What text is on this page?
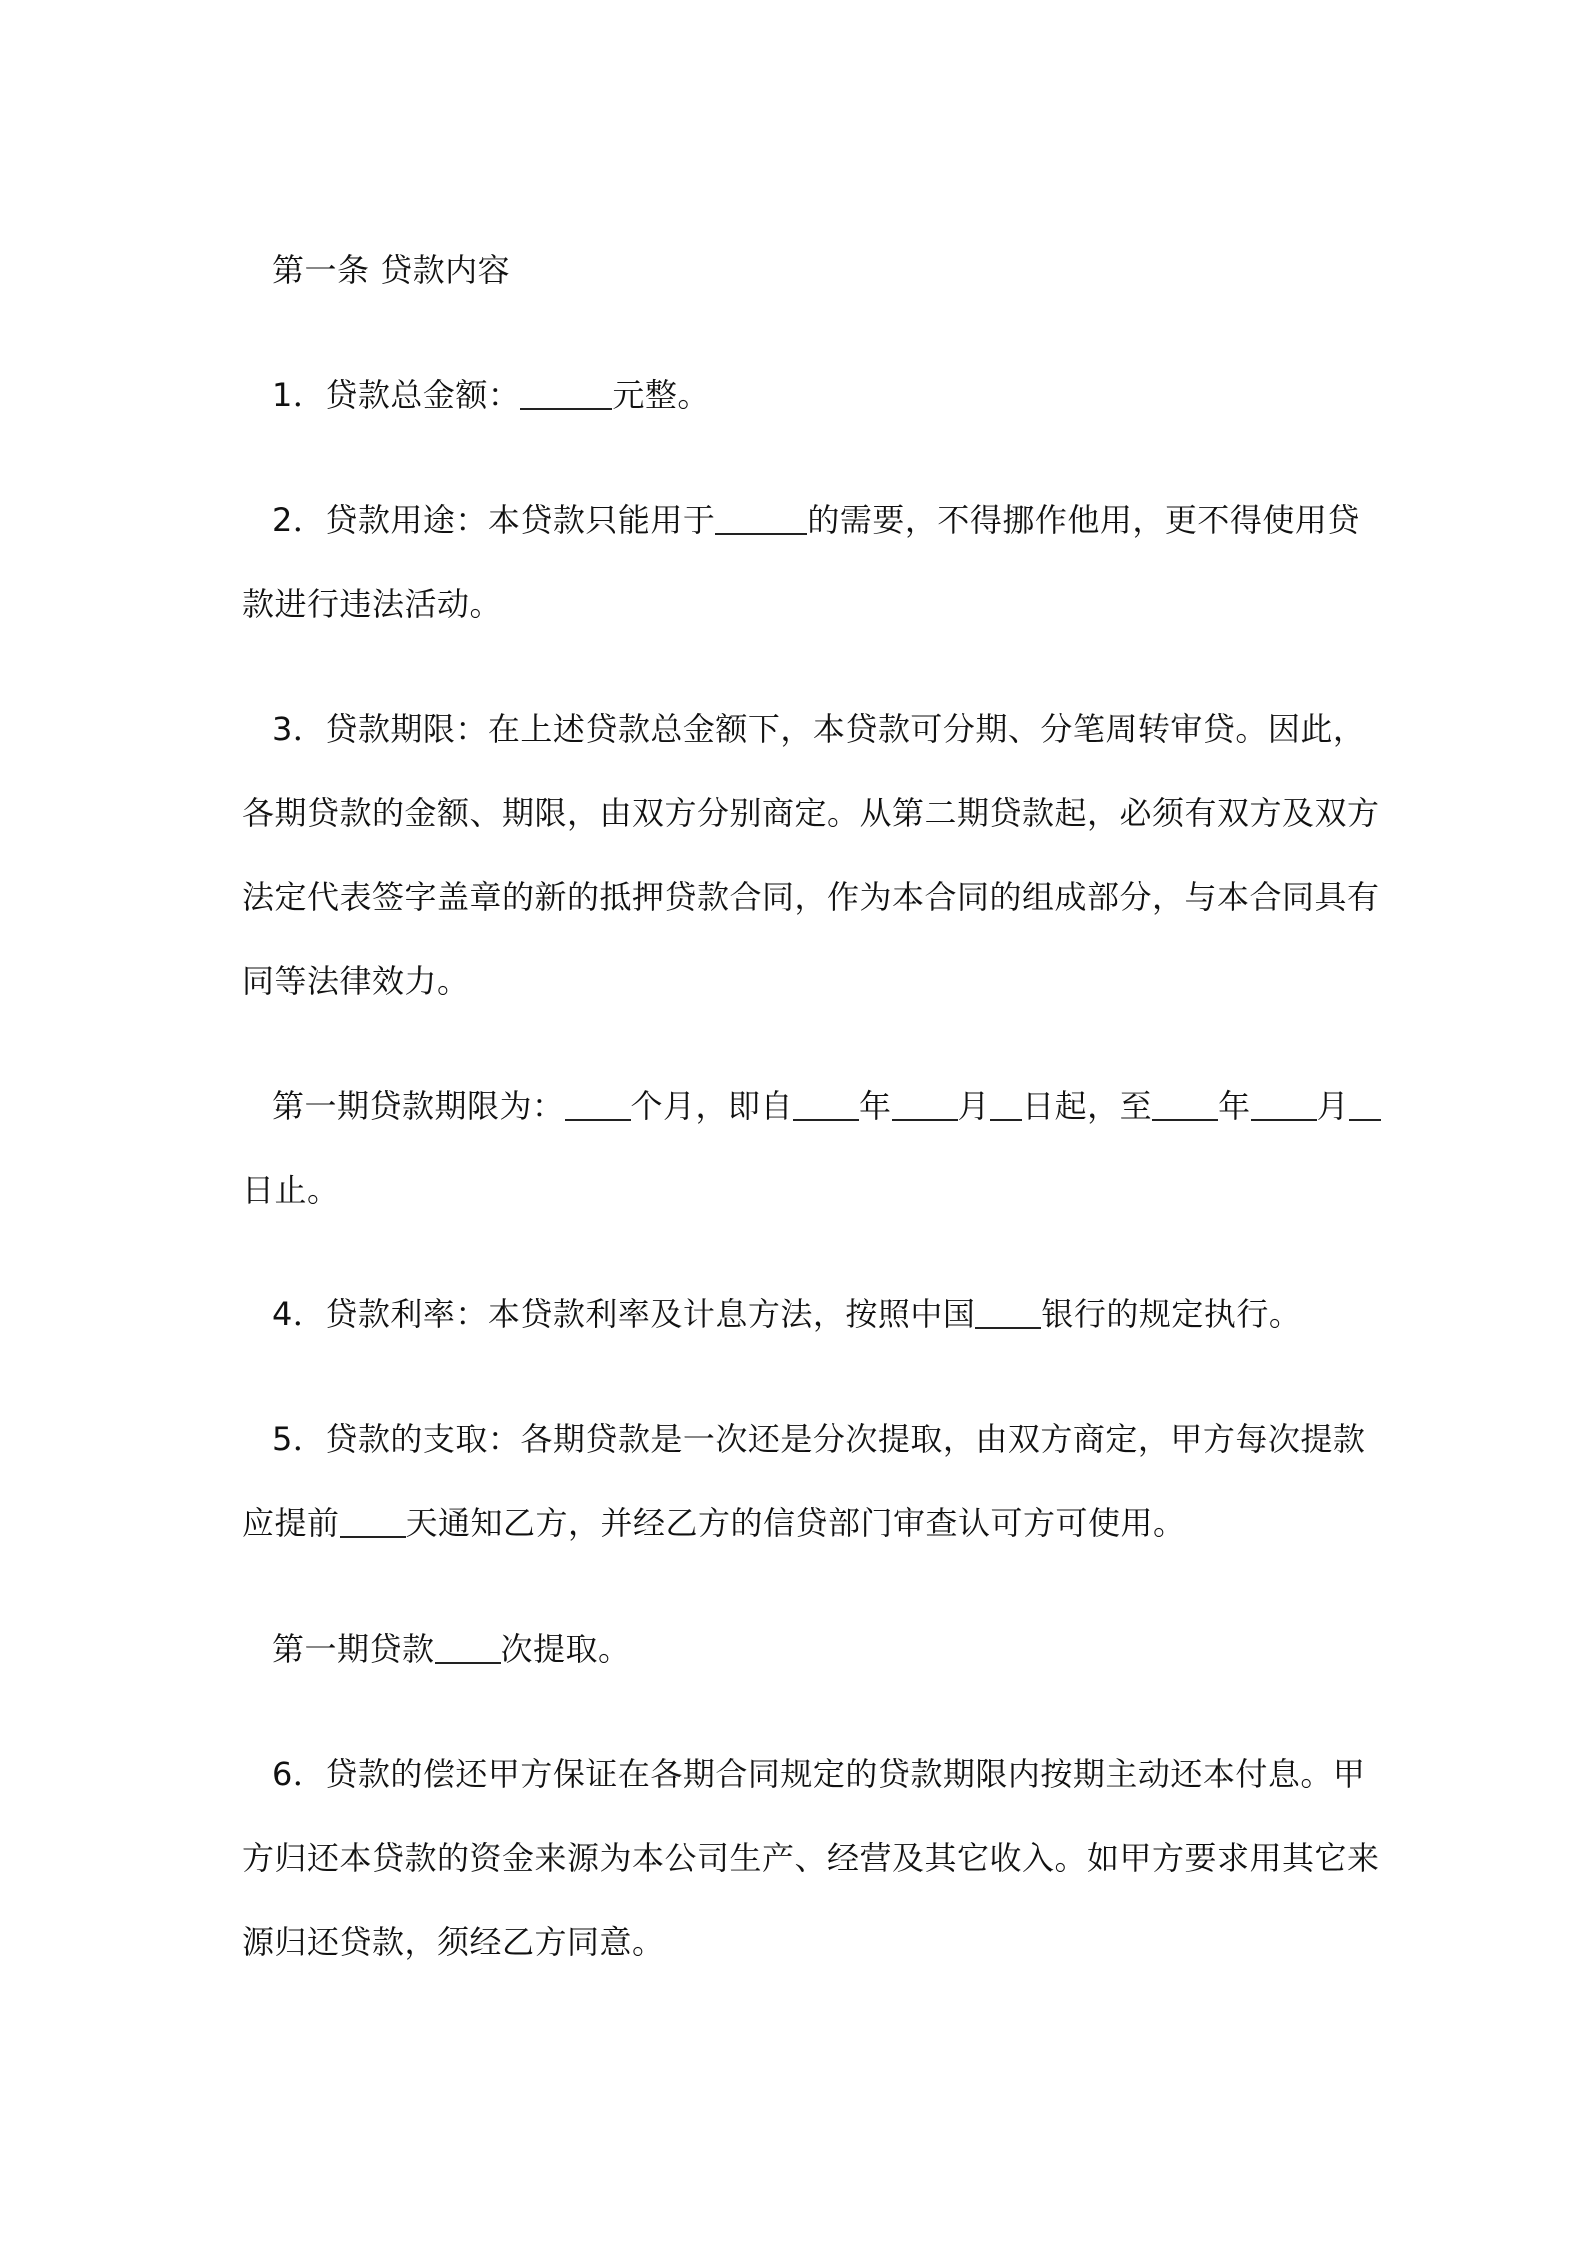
第一条 贷款内容

1．贷款总金额：	元整。

2．贷款用途：本贷款只能用于	的需要，不得挪作他用，更不得使用贷
款进行违法活动。

3．贷款期限：在上述贷款总金额下，本贷款可分期、分笔周转审贷。因此，
各期贷款的金额、期限，由双方分别商定。从第二期贷款起，必须有双方及双方
法定代表签字盖章的新的抵押贷款合同，作为本合同的组成部分，与本合同具有
同等法律效力。

第一期贷款期限为： 个月，即自 年 月 日起，至 年 月
日止。

4．贷款利率：本贷款利率及计息方法，按照中国 银行的规定执行。

5．贷款的支取：各期贷款是一次还是分次提取，由双方商定，甲方每次提款
应提前 天通知乙方，并经乙方的信贷部门审查认可方可使用。

第一期贷款 次提取。

6．贷款的偿还甲方保证在各期合同规定的贷款期限内按期主动还本付息。甲
方归还本贷款的资金来源为本公司生产、经营及其它收入。如甲方要求用其它来
源归还贷款，须经乙方同意。
